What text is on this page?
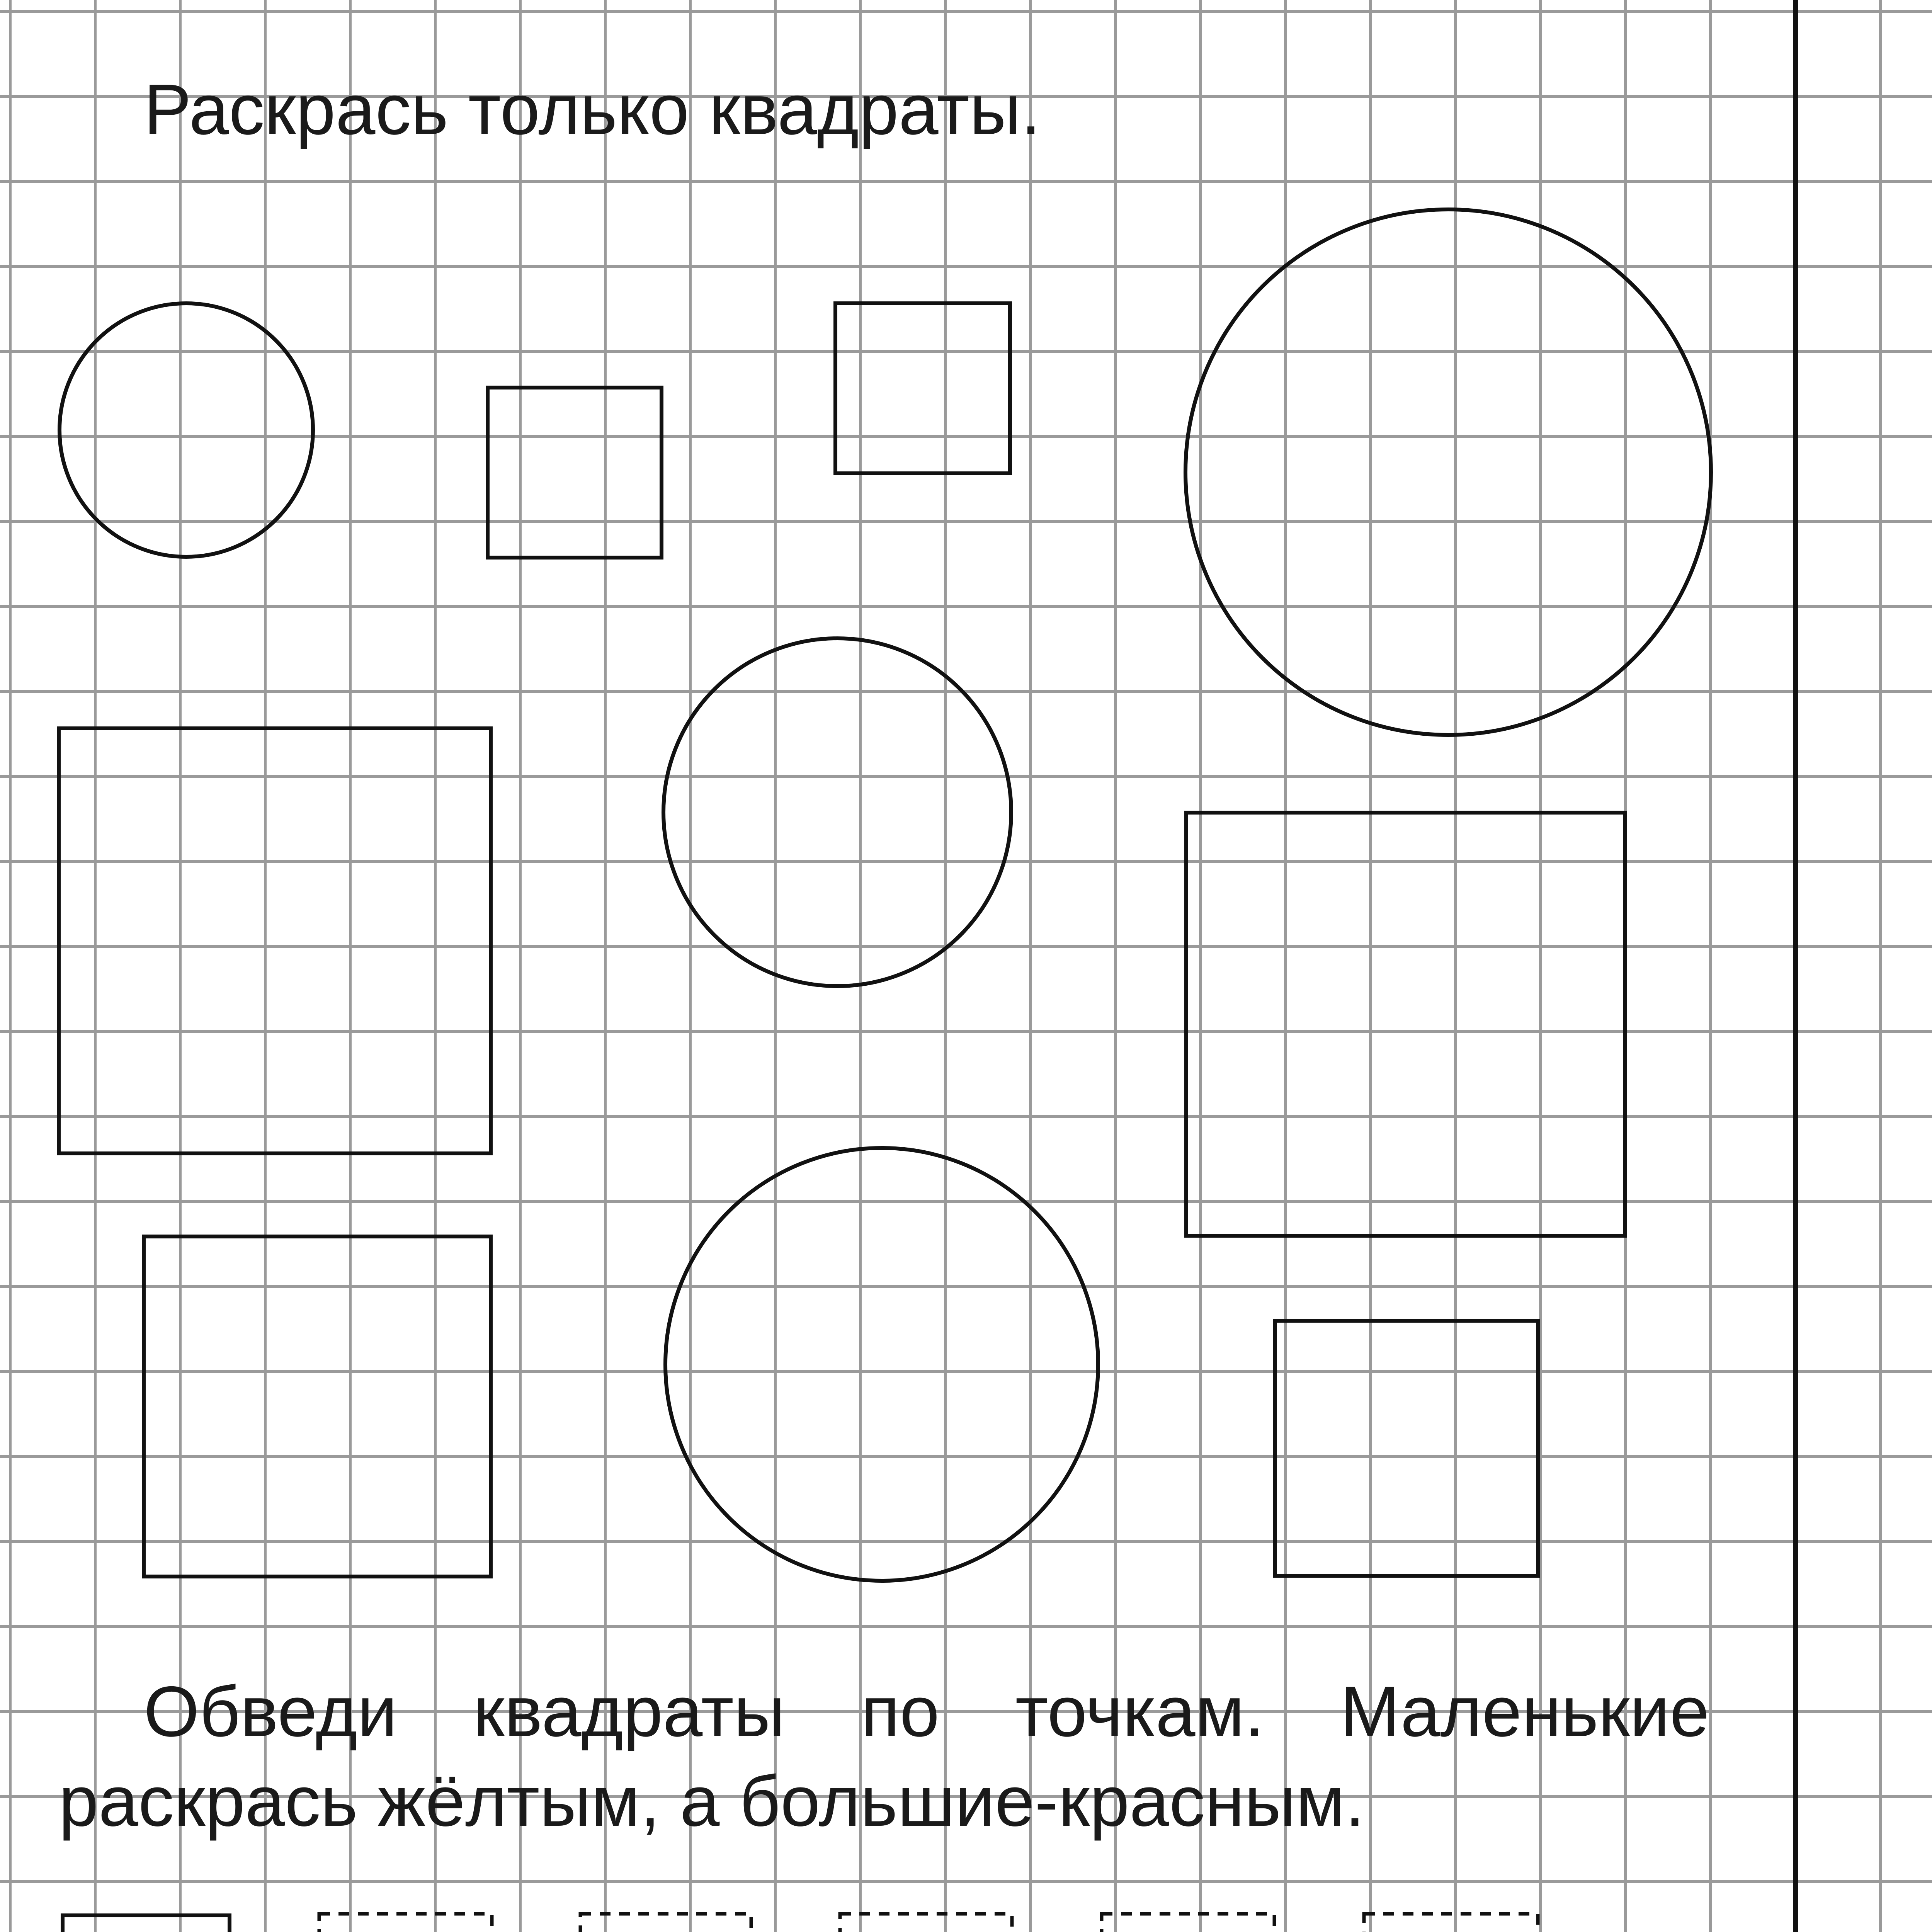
Раскрась только квадраты.
Обведи квадраты по точкам. Маленькие
раскрась жёлтым, а большие-красным.
